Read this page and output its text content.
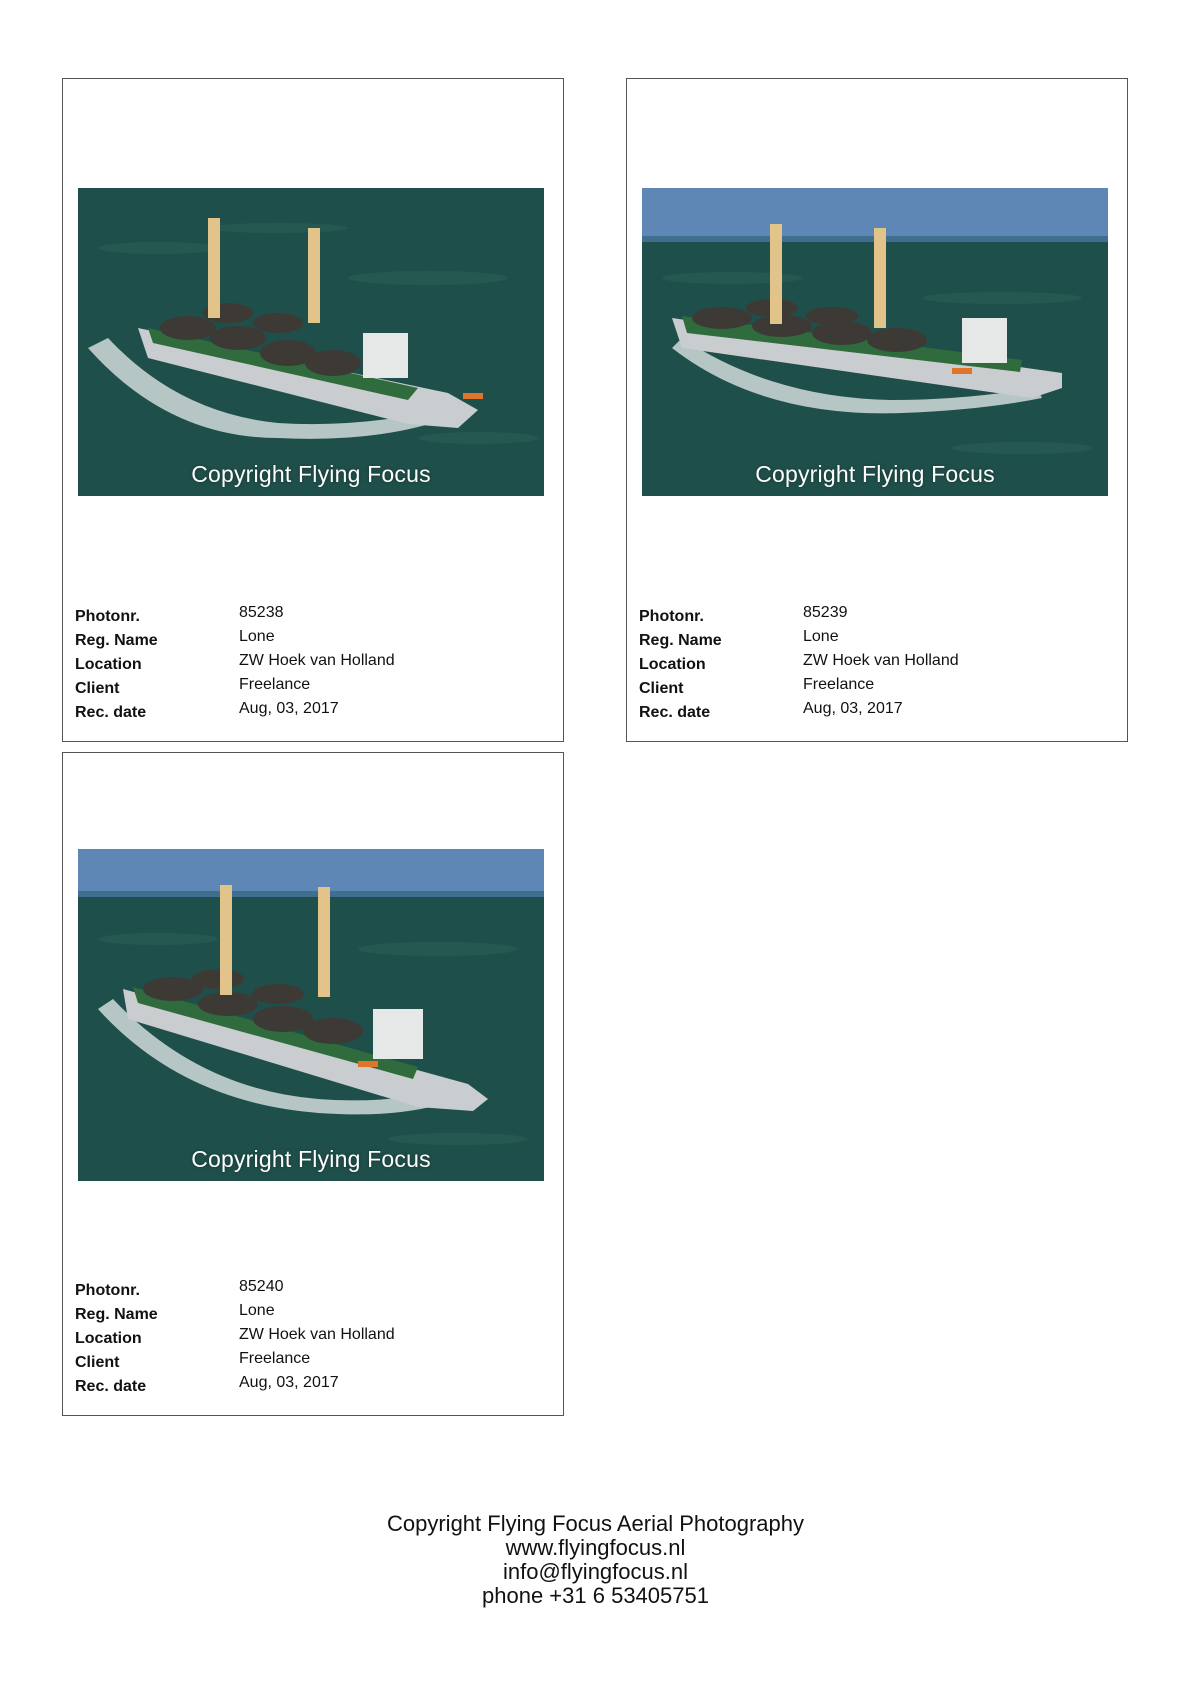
Copyright Flying Focus
Photonr.	85238
Reg. Name	Lone
Location	ZW Hoek van Holland
Client	Freelance
Rec. date	Aug, 03, 2017
Copyright Flying Focus
Photonr.	85239
Reg. Name	Lone
Location	ZW Hoek van Holland
Client	Freelance
Rec. date	Aug, 03, 2017
Copyright Flying Focus
Photonr.	85240
Reg. Name	Lone
Location	ZW Hoek van Holland
Client	Freelance
Rec. date	Aug, 03, 2017
Copyright Flying Focus Aerial Photography
www.flyingfocus.nl
info@flyingfocus.nl
phone +31 6 53405751
